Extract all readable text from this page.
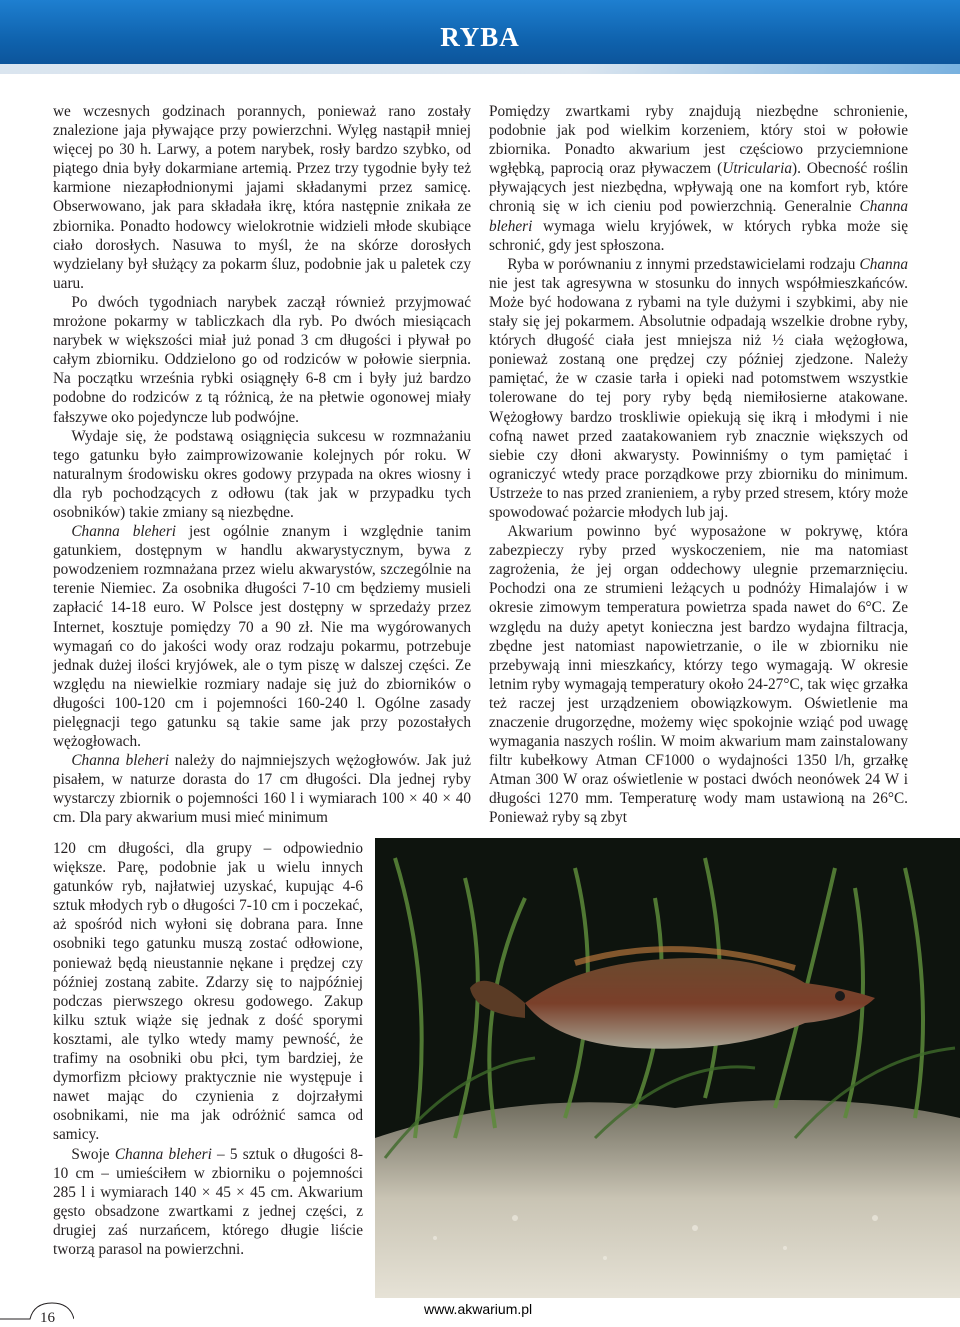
RYBA

we wczesnych godzinach porannych, ponieważ rano zostały znalezione jaja pływające przy powierzchni. Wylęg nastąpił mniej więcej po 30 h. Larwy, a potem narybek, rosły bardzo szybko, od piątego dnia były dokarmiane artemią. Przez trzy tygodnie były też karmione niezapłodnionymi jajami składanymi przez samicę. Obserwowano, jak para składała ikrę, która następnie znikała ze zbiornika. Ponadto hodowcy wielokrotnie widzieli młode skubiące ciało dorosłych. Nasuwa to myśl, że na skórze dorosłych wydzielany był służący za pokarm śluz, podobnie jak u paletek czy uaru.

Po dwóch tygodniach narybek zaczął również przyjmować mrożone pokarmy w tabliczkach dla ryb. Po dwóch miesiącach narybek w większości miał już ponad 3 cm długości i pływał po całym zbiorniku. Oddzielono go od rodziców w połowie sierpnia. Na początku września rybki osiągnęły 6-8 cm i były już bardzo podobne do rodziców z tą różnicą, że na płetwie ogonowej miały fałszywe oko pojedyncze lub podwójne.

Wydaje się, że podstawą osiągnięcia sukcesu w rozmnażaniu tego gatunku było zaimprowizowanie kolejnych pór roku. W naturalnym środowisku okres godowy przypada na okres wiosny i dla ryb pochodzących z odłowu (tak jak w przypadku tych osobników) takie zmiany są niezbędne.

Channa bleheri jest ogólnie znanym i względnie tanim gatunkiem, dostępnym w handlu akwarystycznym, bywa z powodzeniem rozmnażana przez wielu akwarystów, szczególnie na terenie Niemiec. Za osobnika długości 7-10 cm będziemy musieli zapłacić 14-18 euro. W Polsce jest dostępny w sprzedaży przez Internet, kosztuje pomiędzy 70 a 90 zł. Nie ma wygórowanych wymagań co do jakości wody oraz rodzaju pokarmu, potrzebuje jednak dużej ilości kryjówek, ale o tym piszę w dalszej części. Ze względu na niewielkie rozmiary nadaje się już do zbiorników o długości 100-120 cm i pojemności 160-240 l. Ogólne zasady pielęgnacji tego gatunku są takie same jak przy pozostałych wężogłowach.

Channa bleheri należy do najmniejszych wężogłowów. Jak już pisałem, w naturze dorasta do 17 cm długości. Dla jednej ryby wystarczy zbiornik o pojemności 160 l i wymiarach 100 × 40 × 40 cm. Dla pary akwarium musi mieć minimum

120 cm długości, dla grupy – odpowiednio większe. Parę, podobnie jak u wielu innych gatunków ryb, najłatwiej uzyskać, kupując 4-6 sztuk młodych ryb o długości 7-10 cm i poczekać, aż spośród nich wyłoni się dobrana para. Inne osobniki tego gatunku muszą zostać odłowione, ponieważ będą nieustannie nękane i prędzej czy później zostaną zabite. Zdarzy się to najpóźniej podczas pierwszego okresu godowego. Zakup kilku sztuk wiąże się jednak z dość sporymi kosztami, ale tylko wtedy mamy pewność, że trafimy na osobniki obu płci, tym bardziej, że dymorfizm płciowy praktycznie nie występuje i nawet mając do czynienia z dojrzałymi osobnikami, nie ma jak odróżnić samca od samicy.

Swoje Channa bleheri – 5 sztuk o długości 8-10 cm – umieściłem w zbiorniku o pojemności 285 l i wymiarach 140 × 45 × 45 cm. Akwarium gęsto obsadzone zwartkami z jednej części, z drugiej zaś nurzańcem, którego długie liście tworzą parasol na powierzchni.

Pomiędzy zwartkami ryby znajdują niezbędne schronienie, podobnie jak pod wielkim korzeniem, który stoi w połowie zbiornika. Ponadto akwarium jest częściowo przyciemnione wgłębką, paprocią oraz pływaczem (Utricularia). Obecność roślin pływających jest niezbędna, wpływają one na komfort ryb, które chronią się w ich cieniu pod powierzchnią. Generalnie Channa bleheri wymaga wielu kryjówek, w których rybka może się schronić, gdy jest spłoszona.

Ryba w porównaniu z innymi przedstawicielami rodzaju Channa nie jest tak agresywna w stosunku do innych współmieszkańców. Może być hodowana z rybami na tyle dużymi i szybkimi, aby nie stały się jej pokarmem. Absolutnie odpadają wszelkie drobne ryby, których długość ciała jest mniejsza niż ½ ciała wężogłowa, ponieważ zostaną one prędzej czy później zjedzone. Należy pamiętać, że w czasie tarła i opieki nad potomstwem wszystkie tolerowane do tej pory ryby będą niemiłosierne atakowane. Wężogłowy bardzo troskliwie opiekują się ikrą i młodymi i nie cofną nawet przed zaatakowaniem ryb znacznie większych od siebie czy dłoni akwarysty. Powinniśmy o tym pamiętać i ograniczyć wtedy prace porządkowe przy zbiorniku do minimum. Ustrzeże to nas przed zranieniem, a ryby przed stresem, który może spowodować pożarcie młodych lub jaj.

Akwarium powinno być wyposażone w pokrywę, która zabezpieczy ryby przed wyskoczeniem, nie ma natomiast zagrożenia, że jej organ oddechowy ulegnie przemarznięciu. Pochodzi ona ze strumieni leżących u podnóży Himalajów i w okresie zimowym temperatura powietrza spada nawet do 6°C. Ze względu na duży apetyt konieczna jest bardzo wydajna filtracja, zbędne jest natomiast napowietrzanie, o ile w zbiorniku nie przebywają inni mieszkańcy, którzy tego wymagają. W okresie letnim ryby wymagają temperatury około 24-27°C, tak więc grzałka też raczej jest urządzeniem obowiązkowym. Oświetlenie ma znaczenie drugorzędne, możemy więc spokojnie wziąć pod uwagę wymagania naszych roślin. W moim akwarium mam zainstalowany filtr kubełkowy Atman CF1000 o wydajności 1350 l/h, grzałkę Atman 300 W oraz oświetlenie w postaci dwóch neonówek 24 W i długości 1270 mm. Temperaturę wody mam ustawioną na 26°C. Ponieważ ryby są zbyt

16
www.akwarium.pl
